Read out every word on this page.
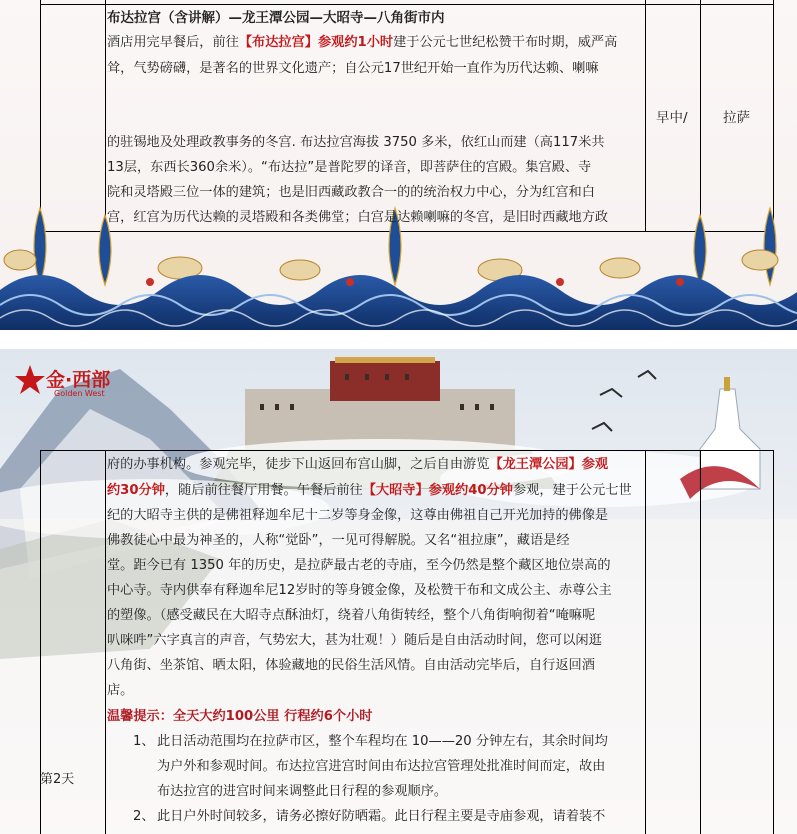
布达拉宫（含讲解）—龙王潭公园—大昭寺—八角街市内
酒店用完早餐后，前往【布达拉宫】参观约1小时建于公元七世纪松赞干布时期，威严高
耸，气势磅礴，是著名的世界文化遗产；自公元17世纪开始一直作为历代达赖、喇嘛
的驻锡地及处理政教事务的冬宫. 布达拉宫海拔 3750 多米，依红山而建（高117米共
13层，东西长360余米）。“布达拉”是普陀罗的译音，即菩萨住的宫殿。集宫殿、寺
院和灵塔殿三位一体的建筑；也是旧西藏政教合一的的统治权力中心，分为红宫和白
宫，红宫为历代达赖的灵塔殿和各类佛堂；白宫是达赖喇嘛的冬宫，是旧时西藏地方政
早中/	拉萨
金·西部
Golden West
第2天
府的办事机构。参观完毕，徒步下山返回布宫山脚，之后自由游览【龙王潭公园】参观
约30分钟，随后前往餐厅用餐。午餐后前往【大昭寺】参观约40分钟参观，建于公元七世
纪的大昭寺主供的是佛祖释迦牟尼十二岁等身金像，这尊由佛祖自己开光加持的佛像是
佛教徒心中最为神圣的，人称“觉卧”，一见可得解脱。又名“祖拉康”，藏语是经
堂。距今已有 1350 年的历史，是拉萨最古老的寺庙，至今仍然是整个藏区地位崇高的
中心寺。寺内供奉有释迦牟尼12岁时的等身镀金像，及松赞干布和文成公主、赤尊公主
的塑像。（感受藏民在大昭寺点酥油灯，绕着八角街转经，整个八角街响彻着“唵嘛呢
叭咪吽”六字真言的声音，气势宏大，甚为壮观！）随后是自由活动时间，您可以闲逛
八角街、坐茶馆、晒太阳，体验藏地的民俗生活风情。自由活动完毕后，自行返回酒
店。
温馨提示：全天大约100公里 行程约6个小时
1、 此日活动范围均在拉萨市区，整个车程均在 10——20 分钟左右，其余时间均
为户外和参观时间。布达拉宫进宫时间由布达拉宫管理处批准时间而定，故由
布达拉宫的进宫时间来调整此日行程的参观顺序。
2、 此日户外时间较多，请务必擦好防晒霜。此日行程主要是寺庙参观，请着装不
